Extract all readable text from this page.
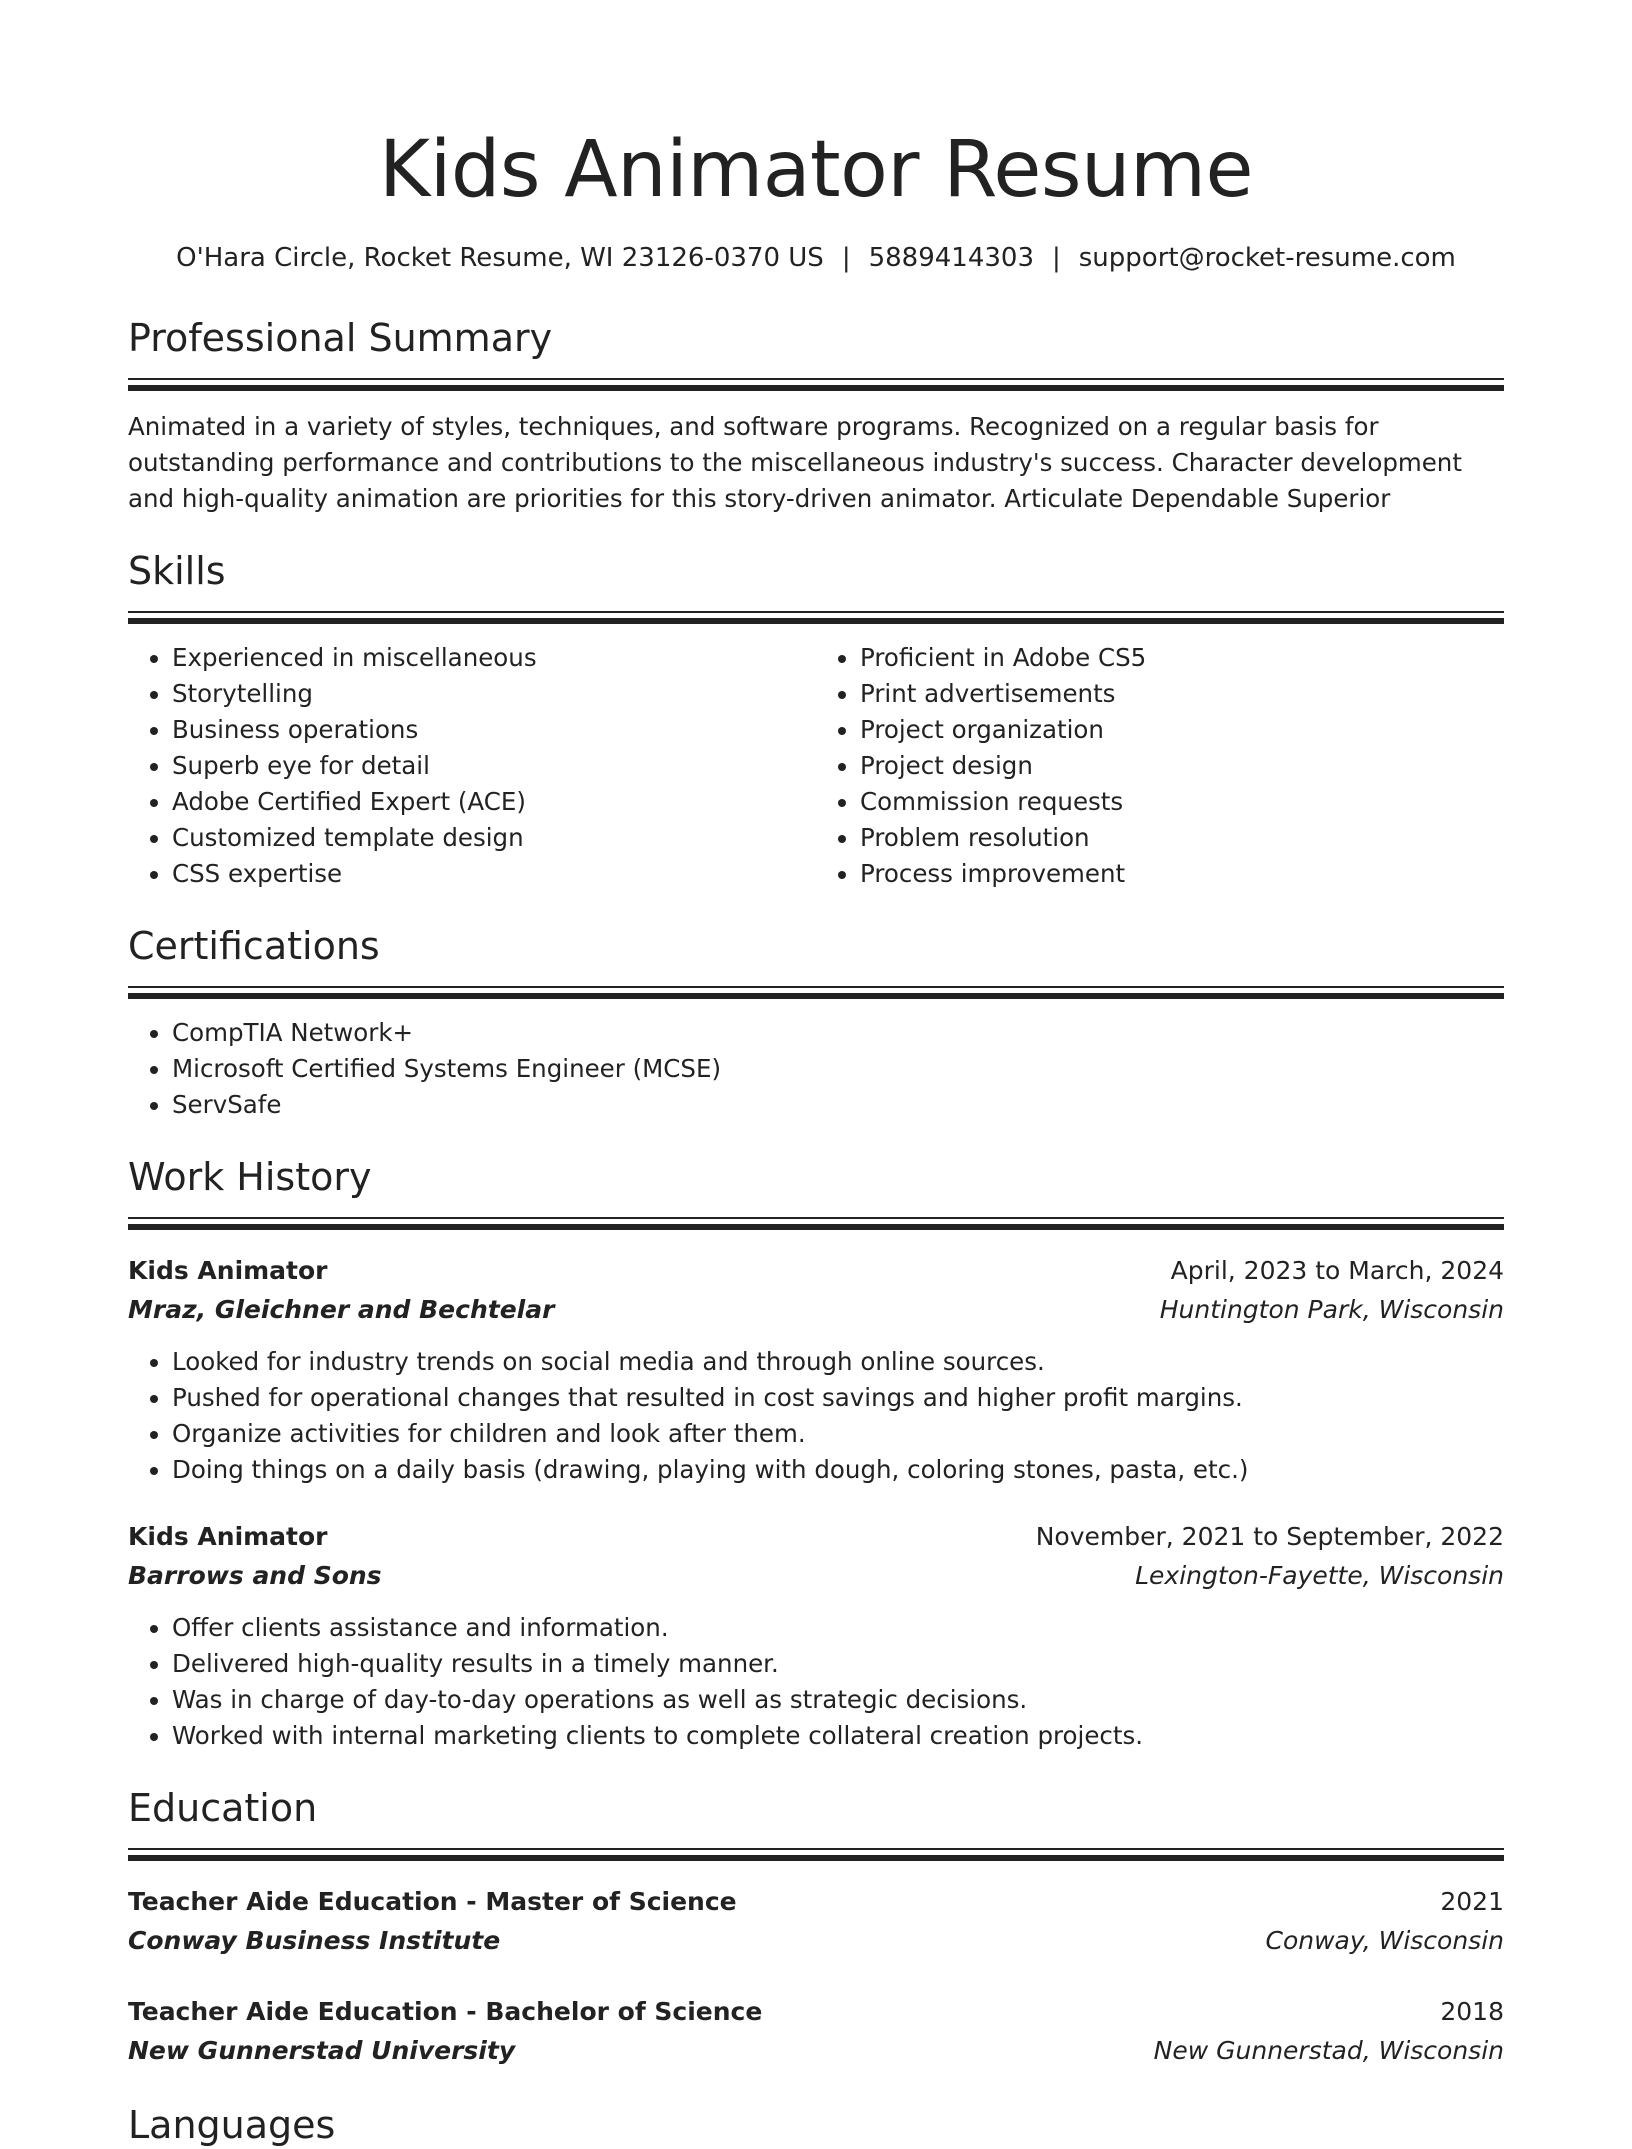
Kids Animator Resume
O'Hara Circle, Rocket Resume, WI 23126-0370 US | 5889414303 | support@rocket-resume.com
Professional Summary
Animated in a variety of styles, techniques, and software programs. Recognized on a regular basis for outstanding performance and contributions to the miscellaneous industry's success. Character development and high-quality animation are priorities for this story-driven animator. Articulate Dependable Superior
Skills
• Experienced in miscellaneous
• Storytelling
• Business operations
• Superb eye for detail
• Adobe Certified Expert (ACE)
• Customized template design
• CSS expertise
• Proficient in Adobe CS5
• Print advertisements
• Project organization
• Project design
• Commission requests
• Problem resolution
• Process improvement
Certifications
• CompTIA Network+
• Microsoft Certified Systems Engineer (MCSE)
• ServSafe
Work History
Kids Animator	April, 2023 to March, 2024
Mraz, Gleichner and Bechtelar	Huntington Park, Wisconsin
• Looked for industry trends on social media and through online sources.
• Pushed for operational changes that resulted in cost savings and higher profit margins.
• Organize activities for children and look after them.
• Doing things on a daily basis (drawing, playing with dough, coloring stones, pasta, etc.)
Kids Animator	November, 2021 to September, 2022
Barrows and Sons	Lexington-Fayette, Wisconsin
• Offer clients assistance and information.
• Delivered high-quality results in a timely manner.
• Was in charge of day-to-day operations as well as strategic decisions.
• Worked with internal marketing clients to complete collateral creation projects.
Education
Teacher Aide Education - Master of Science	2021
Conway Business Institute	Conway, Wisconsin
Teacher Aide Education - Bachelor of Science	2018
New Gunnerstad University	New Gunnerstad, Wisconsin
Languages
